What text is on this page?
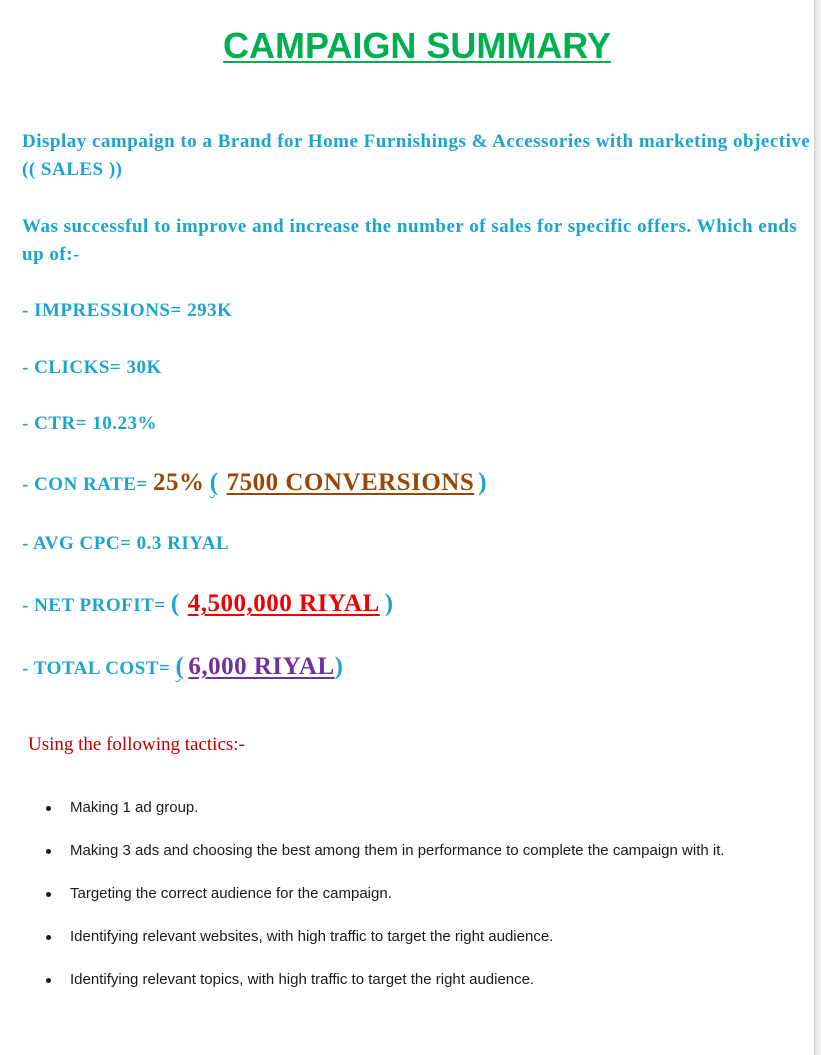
CAMPAIGN SUMMARY

Display campaign to a Brand for Home Furnishings & Accessories with marketing objective (( SALES ))

Was successful to improve and increase the number of sales for specific offers. Which ends up of:-

- IMPRESSIONS= 293K

- CLICKS= 30K

- CTR= 10.23%

- CON RATE= 25% ( 7500 CONVERSIONS )

- AVG CPC= 0.3 RIYAL

- NET PROFIT= ( 4,500,000 RIYAL )

- TOTAL COST= ( 6,000 RIYAL)

Using the following tactics:-

Making 1 ad group.
Making 3 ads and choosing the best among them in performance to complete the campaign with it.
Targeting the correct audience for the campaign.
Identifying relevant websites, with high traffic to target the right audience.
Identifying relevant topics, with high traffic to target the right audience.
